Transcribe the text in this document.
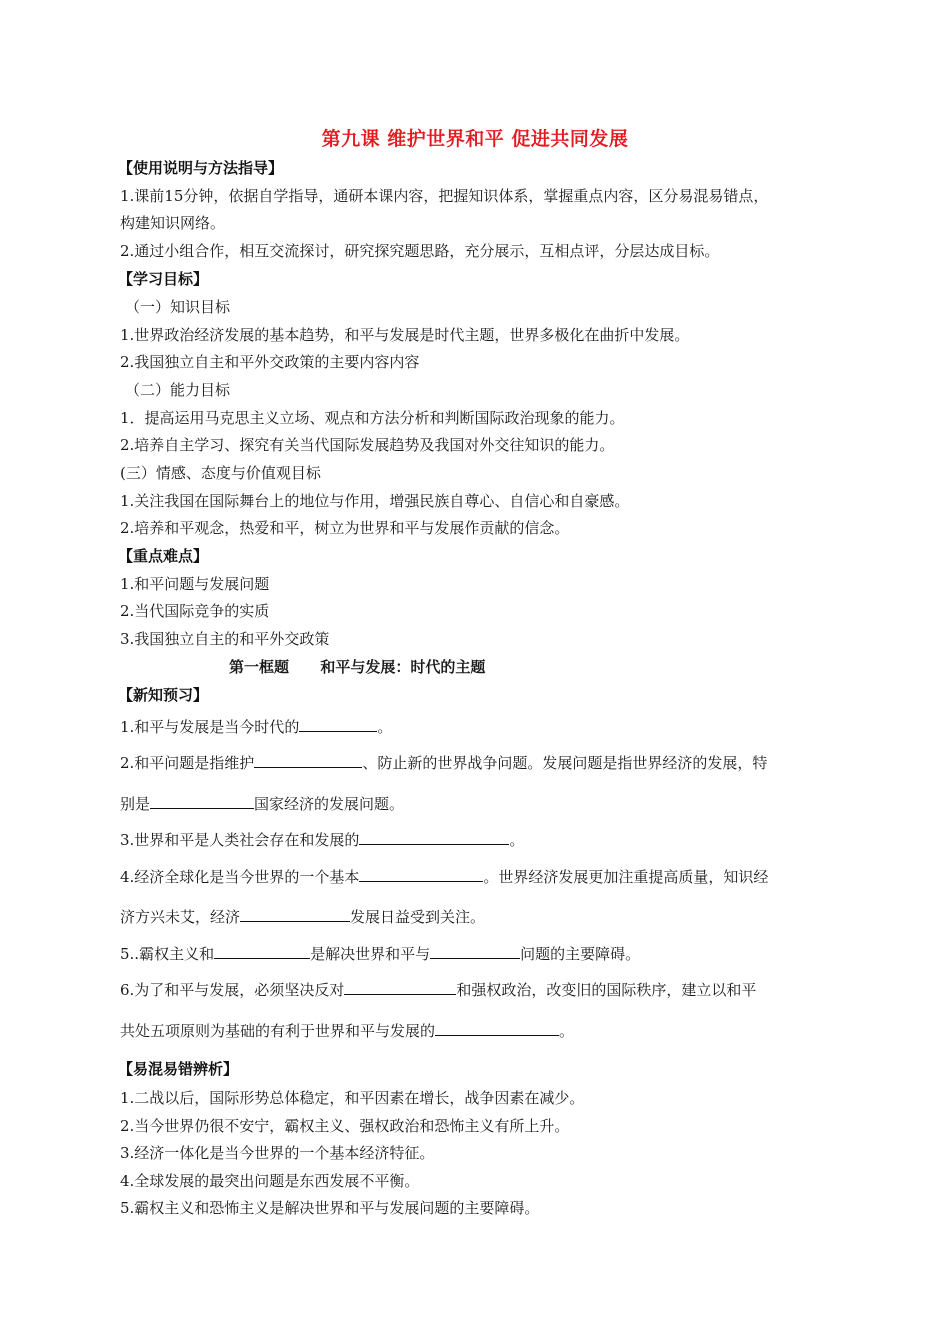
第九课 维护世界和平 促进共同发展
【使用说明与方法指导】
1.课前15分钟，依据自学指导，通研本课内容，把握知识体系，掌握重点内容，区分易混易错点，
构建知识网络。
2.通过小组合作，相互交流探讨，研究探究题思路，充分展示，互相点评，分层达成目标。
【学习目标】
（一）知识目标
1.世界政治经济发展的基本趋势，和平与发展是时代主题，世界多极化在曲折中发展。
2.我国独立自主和平外交政策的主要内容内容
（二）能力目标
1．提高运用马克思主义立场、观点和方法分析和判断国际政治现象的能力。
2.培养自主学习、探究有关当代国际发展趋势及我国对外交往知识的能力。
(三）情感、态度与价值观目标
1.关注我国在国际舞台上的地位与作用，增强民族自尊心、自信心和自豪感。
2.培养和平观念，热爱和平，树立为世界和平与发展作贡献的信念。
【重点难点】
1.和平问题与发展问题
2.当代国际竞争的实质
3.我国独立自主的和平外交政策
第一框题      和平与发展：时代的主题
【新知预习】
1.和平与发展是当今时代的	。
2.和平问题是指维护	、防止新的世界战争问题。发展问题是指世界经济的发展，特
别是	国家经济的发展问题。
3.世界和平是人类社会存在和发展的	。
4.经济全球化是当今世界的一个基本	。世界经济发展更加注重提高质量，知识经
济方兴未艾，经济	发展日益受到关注。
5..霸权主义和	是解决世界和平与	问题的主要障碍。
6.为了和平与发展，必须坚决反对	和强权政治，改变旧的国际秩序，建立以和平
共处五项原则为基础的有利于世界和平与发展的	。
【易混易错辨析】
1.二战以后，国际形势总体稳定，和平因素在增长，战争因素在减少。
2.当今世界仍很不安宁，霸权主义、强权政治和恐怖主义有所上升。
3.经济一体化是当今世界的一个基本经济特征。
4.全球发展的最突出问题是东西发展不平衡。
5.霸权主义和恐怖主义是解决世界和平与发展问题的主要障碍。
